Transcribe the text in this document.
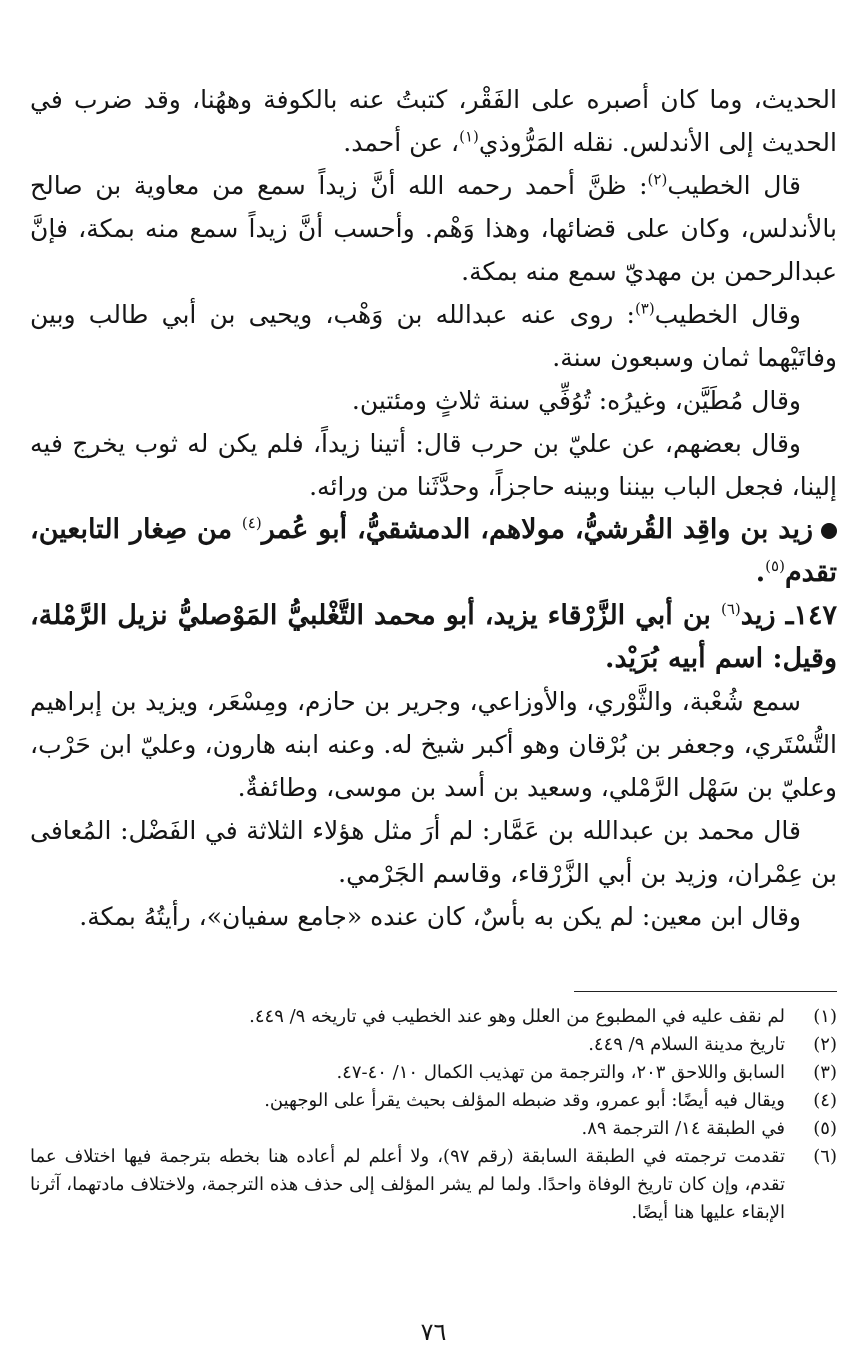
الحديث، وما كان أصبره على الفَقْر، كتبتُ عنه بالكوفة وههُنا، وقد ضرب في الحديث إلى الأندلس. نقله المَرُّوذي$^{(١)}$، عن أحمد.

قال الخطيب$^{(٢)}$: ظنَّ أحمد رحمه الله أنَّ زيداً سمع من معاوية بن صالح بالأندلس، وكان على قضائها، وهذا وَهْم. وأحسب أنَّ زيداً سمع منه بمكة، فإنَّ عبدالرحمن بن مهديّ سمع منه بمكة.

وقال الخطيب$^{(٣)}$: روى عنه عبدالله بن وَهْب، ويحيى بن أبي طالب وبين وفاتَيْهما ثمان وسبعون سنة.

وقال مُطَيَّن، وغيرُه: تُوُفِّي سنة ثلاثٍ ومئتين.

وقال بعضهم، عن عليّ بن حرب قال: أتينا زيداً، فلم يكن له ثوب يخرج فيه إلينا، فجعل الباب بيننا وبينه حاجزاً، وحدَّثَنا من ورائه.

زيد بن واقِد القُرشيُّ، مولاهم، الدمشقيُّ، أبو عُمر$^{(٤)}$ من صِغار التابعين، تقدم$^{(٥)}$.

١٤٧ـ زيد$^{(٦)}$ بن أبي الزَّرْقاء يزيد، أبو محمد التَّغْلبيُّ المَوْصليُّ نزيل الرَّمْلة، وقيل: اسم أبيه بُرَيْد.

سمع شُعْبة، والثَّوْري، والأوزاعي، وجرير بن حازم، ومِسْعَر، ويزيد بن إبراهيم التُّسْتَري، وجعفر بن بُرْقان وهو أكبر شيخ له. وعنه ابنه هارون، وعليّ ابن حَرْب، وعليّ بن سَهْل الرَّمْلي، وسعيد بن أسد بن موسى، وطائفةٌ.

قال محمد بن عبدالله بن عَمَّار: لم أرَ مثل هؤلاء الثلاثة في الفَضْل: المُعافى بن عِمْران، وزيد بن أبي الزَّرْقاء، وقاسم الجَرْمي.

وقال ابن معين: لم يكن به بأسٌ، كان عنده «جامع سفيان»، رأيتُهُ بمكة.

(١)
لم نقف عليه في المطبوع من العلل وهو عند الخطيب في تاريخه ٩/ ٤٤٩.
(٢)
تاريخ مدينة السلام ٩/ ٤٤٩.
(٣)
السابق واللاحق ٢٠٣، والترجمة من تهذيب الكمال ١٠/ ٤٠-٤٧.
(٤)
ويقال فيه أيضًا: أبو عمرو، وقد ضبطه المؤلف بحيث يقرأ على الوجهين.
(٥)
في الطبقة ١٤/ الترجمة ٨٩.
(٦)
تقدمت ترجمته في الطبقة السابقة (رقم ٩٧)، ولا أعلم لم أعاده هنا بخطه بترجمة فيها اختلاف عما تقدم، وإن كان تاريخ الوفاة واحدًا. ولما لم يشر المؤلف إلى حذف هذه الترجمة، ولاختلاف مادتهما، آثرنا الإبقاء عليها هنا أيضًا.
٧٦
